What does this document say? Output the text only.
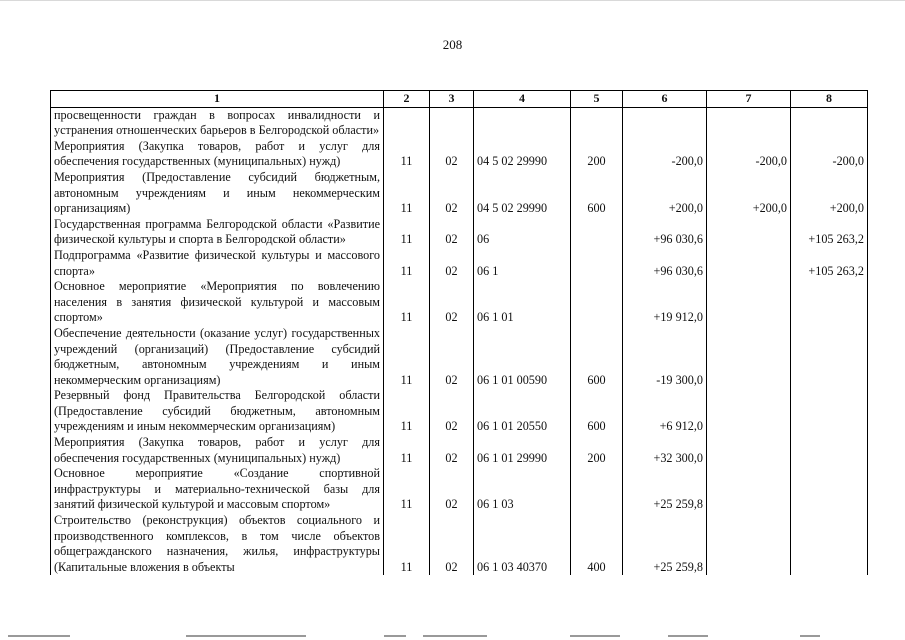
208
1	2	3	4	5	6	7	8
просвещенности граждан в вопросах инвалидности и устранения отношенческих барьеров в Белгородской области»							
Мероприятия (Закупка товаров, работ и услуг для обеспечения государственных (муниципальных) нужд)	11	02	04 5 02 29990	200	-200,0	-200,0	-200,0
Мероприятия (Предоставление субсидий бюджетным, автономным учреждениям и иным некоммерческим организациям)	11	02	04 5 02 29990	600	+200,0	+200,0	+200,0
Государственная программа Белгородской области «Развитие физической культуры и спорта в Белгородской области»	11	02	06		+96 030,6		+105 263,2
Подпрограмма «Развитие физической культуры и массового спорта»	11	02	06 1		+96 030,6		+105 263,2
Основное мероприятие «Мероприятия по вовлечению населения в занятия физической культурой и массовым спортом»	11	02	06 1 01		+19 912,0		
Обеспечение деятельности (оказание услуг) государственных учреждений (организаций) (Предоставление субсидий бюджетным, автономным учреждениям и иным некоммерческим организациям)	11	02	06 1 01 00590	600	-19 300,0		
Резервный фонд Правительства Белгородской области (Предоставление субсидий бюджетным, автономным учреждениям и иным некоммерческим организациям)	11	02	06 1 01 20550	600	+6 912,0		
Мероприятия (Закупка товаров, работ и услуг для обеспечения государственных (муниципальных) нужд)	11	02	06 1 01 29990	200	+32 300,0		
Основное мероприятие «Создание спортивной инфраструктуры и материально-технической базы для занятий физической культурой и массовым спортом»	11	02	06 1 03		+25 259,8		
Строительство (реконструкция) объектов социального и производственного комплексов, в том числе объектов общегражданского назначения, жилья, инфраструктуры (Капитальные вложения в объекты	11	02	06 1 03 40370	400	+25 259,8		
